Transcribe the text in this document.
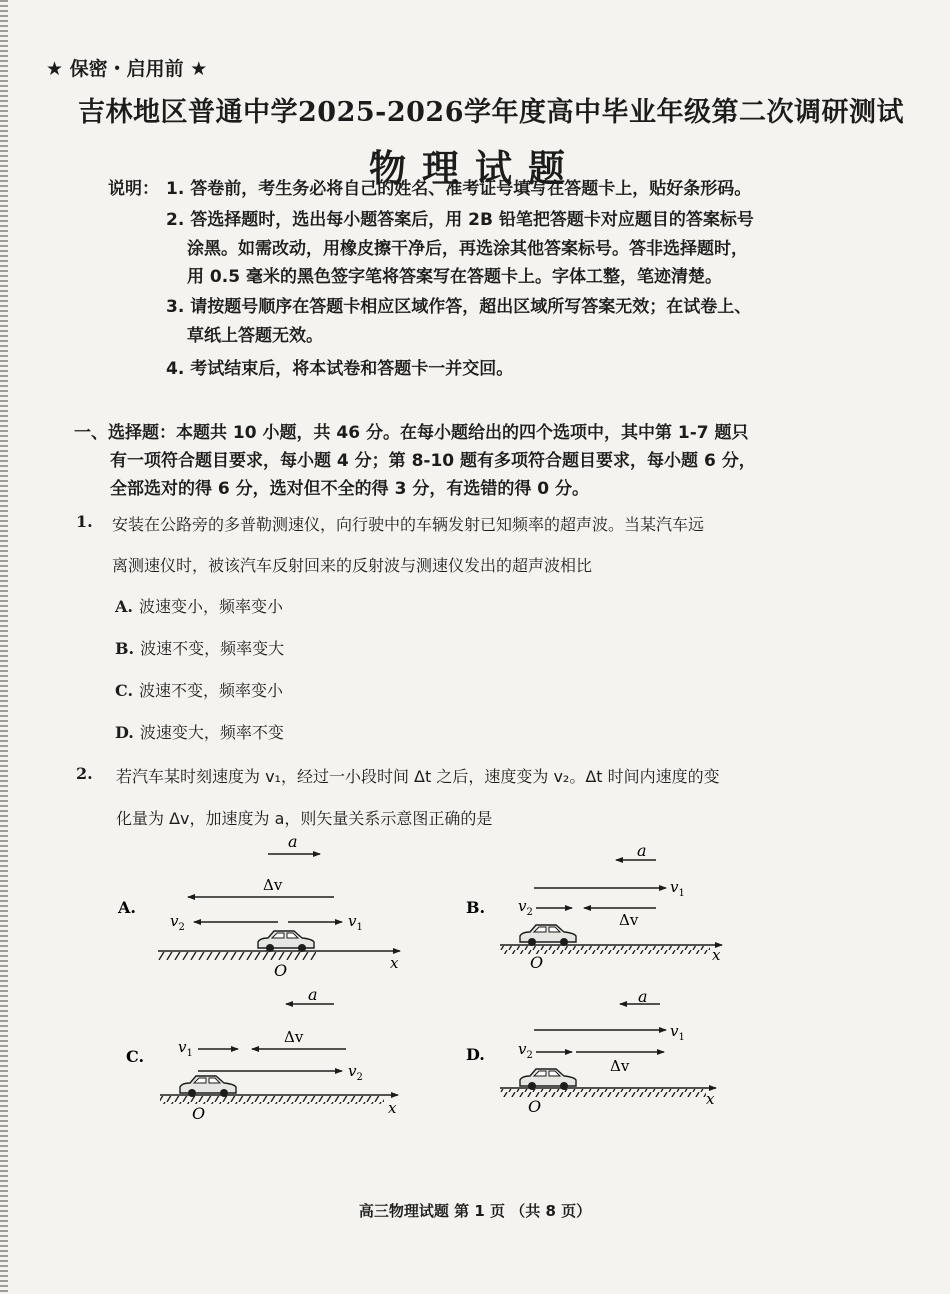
★ 保密・启用前 ★
吉林地区普通中学2025-2026学年度高中毕业年级第二次调研测试
物理试题
说明： 1. 答卷前，考生务必将自己的姓名、准考证号填写在答题卡上，贴好条形码。
2. 答选择题时，选出每小题答案后，用 2B 铅笔把答题卡对应题目的答案标号
涂黑。如需改动，用橡皮擦干净后，再选涂其他答案标号。答非选择题时，
用 0.5 毫米的黑色签字笔将答案写在答题卡上。字体工整，笔迹清楚。
3. 请按题号顺序在答题卡相应区域作答，超出区域所写答案无效；在试卷上、
草纸上答题无效。
4. 考试结束后，将本试卷和答题卡一并交回。
一、选择题：本题共 10 小题，共 46 分。在每小题给出的四个选项中，其中第 1-7 题只
有一项符合题目要求，每小题 4 分；第 8-10 题有多项符合题目要求，每小题 6 分，
全部选对的得 6 分，选对但不全的得 3 分，有选错的得 0 分。
1. 安装在公路旁的多普勒测速仪，向行驶中的车辆发射已知频率的超声波。当某汽车远
离测速仪时，被该汽车反射回来的反射波与测速仪发出的超声波相比
A. 波速变小，频率变小
B. 波速不变，频率变大
C. 波速不变，频率变小
D. 波速变大，频率不变
2. 若汽车某时刻速度为 v₁，经过一小段时间 Δt 之后，速度变为 v₂。Δt 时间内速度的变
化量为 Δv，加速度为 a，则矢量关系示意图正确的是
A.
a
Δv
$v_2$	$v_1$
O	x
B.
a
$v_1$
$v_2$	Δv
O	x
C.
a
$v_1$
Δv
$v_2$
O	x
D.
a
$v_1$
$v_2$
Δv
O	x
高三物理试题 第 1 页 （共 8 页）
